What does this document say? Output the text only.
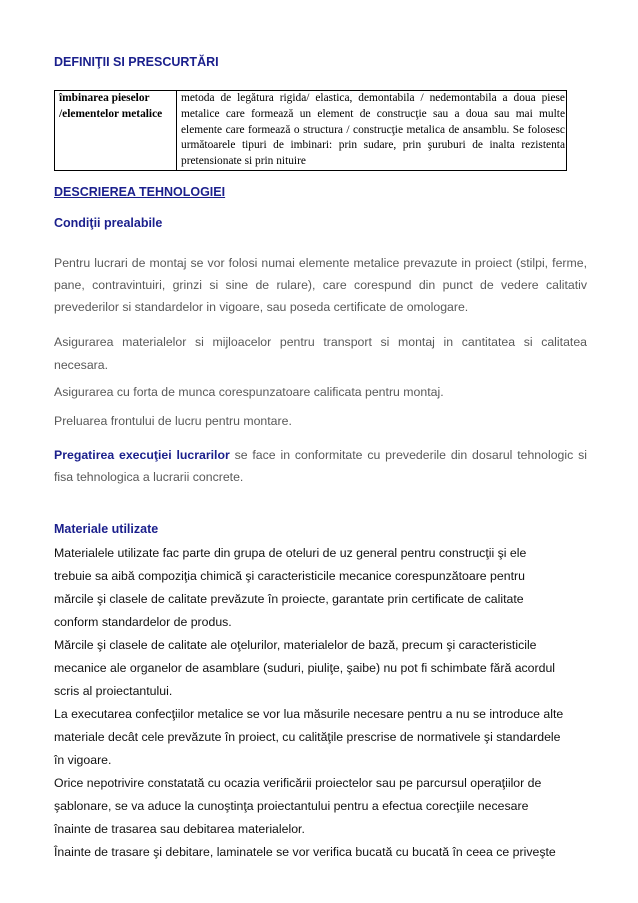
DEFINIŢII SI PRESCURTĂRI
îmbinarea pieselor /elementelor metalice	metoda de legătura rigida/ elastica, demontabila / nedemontabila a doua piese metalice care formează un element de construcţie sau a doua sau mai multe elemente care formează o structura / construcţie metalica de ansamblu. Se folosesc următoarele tipuri de imbinari: prin sudare, prin şuruburi de inalta rezistenta pretensionate si prin nituire
DESCRIEREA TEHNOLOGIEI
Condiţii prealabile

Pentru lucrari de montaj se vor folosi numai elemente metalice prevazute in proiect (stilpi, ferme, pane, contravintuiri, grinzi si sine de rulare), care corespund din punct de vedere calitativ prevederilor si standardelor in vigoare, sau poseda certificate de omologare.

Asigurarea materialelor si mijloacelor pentru transport si montaj in cantitatea si calitatea necesara.

Asigurarea cu forta de munca corespunzatoare calificata pentru montaj.

Preluarea frontului de lucru pentru montare.

Pregatirea execuţiei lucrarilor se face in conformitate cu prevederile din dosarul tehnologic si fisa tehnologica a lucrarii concrete.

Materiale utilizate
Materialele utilizate fac parte din grupa de oteluri de uz general pentru construcţii şi ele
trebuie sa aibă compoziţia chimică şi caracteristicile mecanice corespunzătoare pentru
mărcile şi clasele de calitate prevăzute în proiecte, garantate prin certificate de calitate
conform standardelor de produs.
Mărcile şi clasele de calitate ale oţelurilor, materialelor de bază, precum şi caracteristicile
mecanice ale organelor de asamblare (suduri, piuliţe, şaibe) nu pot fi schimbate fără acordul
scris al proiectantului.
La executarea confecţiilor metalice se vor lua măsurile necesare pentru a nu se introduce alte
materiale decât cele prevăzute în proiect, cu calităţile prescrise de normativele şi standardele
în vigoare.
Orice nepotrivire constatată cu ocazia verificării proiectelor sau pe parcursul operaţiilor de
şablonare, se va aduce la cunoştinţa proiectantului pentru a efectua corecţiile necesare
înainte de trasarea sau debitarea materialelor.
Înainte de trasare şi debitare, laminatele se vor verifica bucată cu bucată în ceea ce priveşte
